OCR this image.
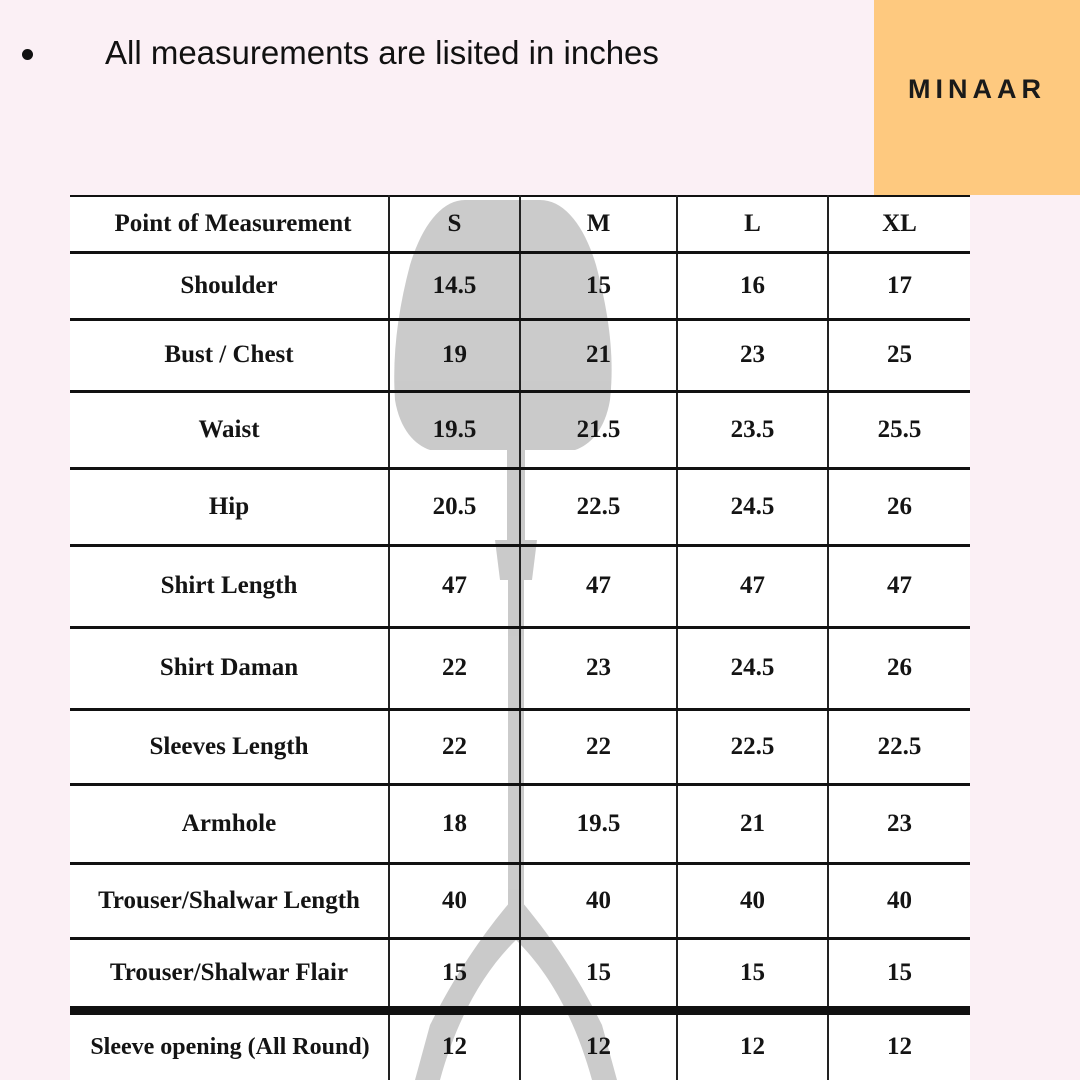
All measurements are lisited in inches
MINAAR
Point of Measurement	S	M	L	XL
Shoulder	14.5	15	16	17
Bust / Chest	19	21	23	25
Waist	19.5	21.5	23.5	25.5
Hip	20.5	22.5	24.5	26
Shirt Length	47	47	47	47
Shirt Daman	22	23	24.5	26
Sleeves Length	22	22	22.5	22.5
Armhole	18	19.5	21	23
Trouser/Shalwar Length	40	40	40	40
Trouser/Shalwar Flair	15	15	15	15
Sleeve opening (All Round)	12	12	12	12
